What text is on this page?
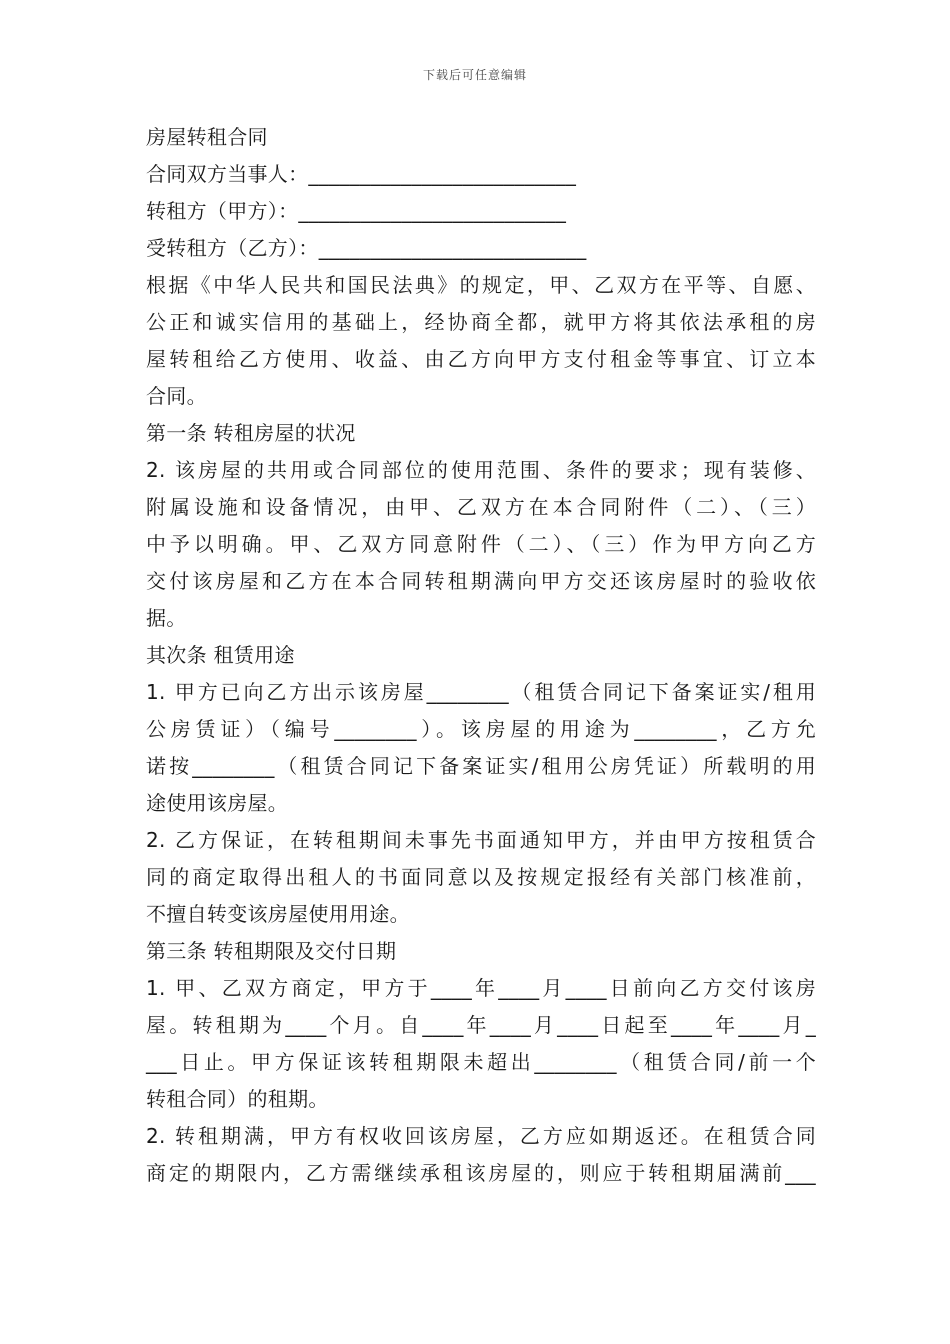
下载后可任意编辑
房屋转租合同
合同双方当事人：__________________________
转租方（甲方）：__________________________
受转租方（乙方）：__________________________
根据《中华人民共和国民法典》的规定，甲、乙双方在平等、自愿、
公正和诚实信用的基础上，经协商全都，就甲方将其依法承租的房
屋转租给乙方使用、收益、由乙方向甲方支付租金等事宜、订立本
合同。
第一条 转租房屋的状况
2. 该房屋的共用或合同部位的使用范围、条件的要求；现有装修、
附属设施和设备情况，由甲、乙双方在本合同附件（二）、（三）
中予以明确。甲、乙双方同意附件（二）、（三）作为甲方向乙方
交付该房屋和乙方在本合同转租期满向甲方交还该房屋时的验收依
据。
其次条 租赁用途
1. 甲方已向乙方出示该房屋________（租赁合同记下备案证实/租用
公房赁证）（编号________）。该房屋的用途为________，乙方允
诺按________（租赁合同记下备案证实/租用公房凭证）所载明的用
途使用该房屋。
2. 乙方保证，在转租期间未事先书面通知甲方，并由甲方按租赁合
同的商定取得出租人的书面同意以及按规定报经有关部门核准前，
不擅自转变该房屋使用用途。
第三条 转租期限及交付日期
1. 甲、乙双方商定，甲方于____年____月____日前向乙方交付该房
屋。转租期为____个月。自____年____月____日起至____年____月_
___日止。甲方保证该转租期限未超出________（租赁合同/前一个
转租合同）的租期。
2. 转租期满，甲方有权收回该房屋，乙方应如期返还。在租赁合同
商定的期限内，乙方需继续承租该房屋的，则应于转租期届满前___
